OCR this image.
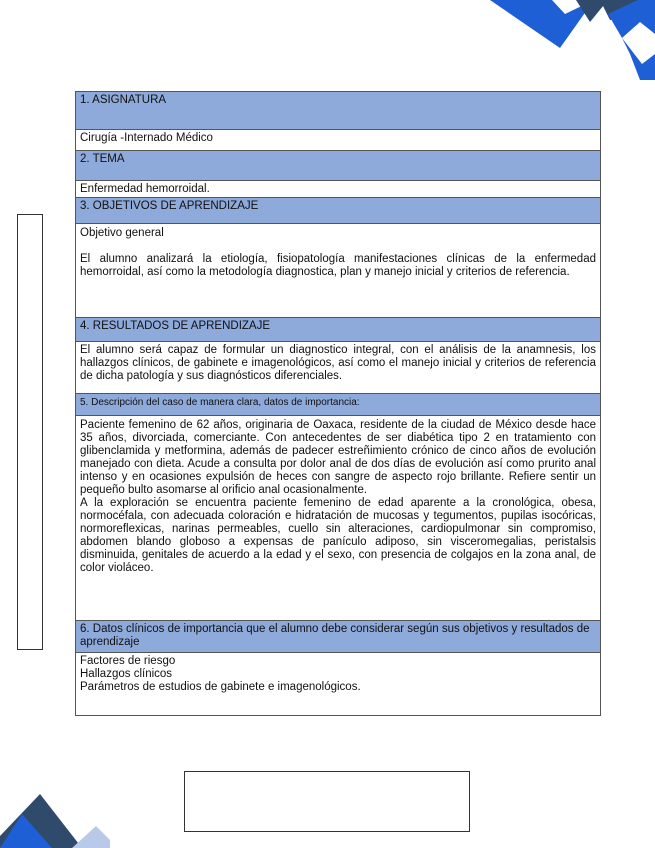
1. ASIGNATURA
Cirugía -Internado Médico
2. TEMA
Enfermedad hemorroidal.
3. OBJETIVOS DE APRENDIZAJE

Objetivo general

El alumno analizará la etiología, fisiopatología manifestaciones clínicas de la enfermedad hemorroidal, así como la metodología diagnostica, plan y manejo inicial y criterios de referencia.

4. RESULTADOS DE APRENDIZAJE
El alumno será capaz de formular un diagnostico integral, con el análisis de la anamnesis, los hallazgos clínicos, de gabinete e imagenológicos, así como el manejo inicial y criterios de referencia de dicha patología y sus diagnósticos diferenciales.
5. Descripción del caso de manera clara, datos de importancia:

Paciente femenino de 62 años, originaria de Oaxaca, residente de la ciudad de México desde hace 35 años, divorciada, comerciante. Con antecedentes de ser diabética tipo 2 en tratamiento con glibenclamida y metformina, además de padecer estreñimiento crónico de cinco años de evolución manejado con dieta. Acude a consulta por dolor anal de dos días de evolución así como prurito anal intenso y en ocasiones expulsión de heces con sangre de aspecto rojo brillante. Refiere sentir un pequeño bulto asomarse al orificio anal ocasionalmente.

A la exploración se encuentra paciente femenino de edad aparente a la cronológica, obesa, normocéfala, con adecuada coloración e hidratación de mucosas y tegumentos, pupilas isocóricas, normoreflexicas, narinas permeables, cuello sin alteraciones, cardiopulmonar sin compromiso, abdomen blando globoso a expensas de panículo adiposo, sin visceromegalias, peristalsis disminuida, genitales de acuerdo a la edad y el sexo, con presencia de colgajos en la zona anal, de color violáceo.

6. Datos clínicos de importancia que el alumno debe considerar según sus objetivos y resultados de aprendizaje

Factores de riesgo

Hallazgos clínicos

Parámetros de estudios de gabinete e imagenológicos.
